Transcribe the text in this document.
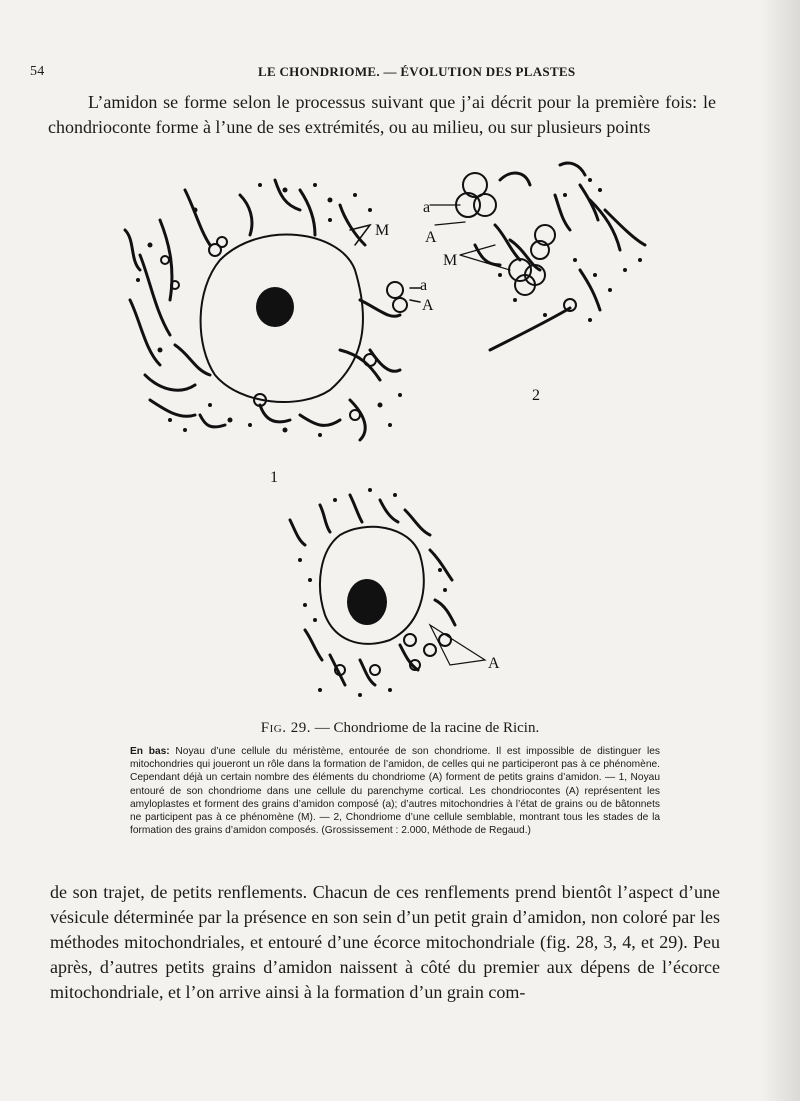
54	LE CHONDRIOME. — ÉVOLUTION DES PLASTES

L’amidon se forme selon le processus suivant que j’ai décrit pour la première fois: le chondrioconte forme à l’une de ses extrémités, ou au milieu, ou sur plusieurs points

M
a
A
1
a
A
M
2
A
Fig. 29. — Chondriome de la racine de Ricin.
En bas: Noyau d’une cellule du méristème, entourée de son chondriome. Il est impossible de distinguer les mitochondries qui joueront un rôle dans la formation de l’amidon, de celles qui ne participeront pas à ce phénomène. Cependant déjà un certain nombre des éléments du chondriome (A) forment de petits grains d’amidon. — 1, Noyau entouré de son chondriome dans une cellule du parenchyme cortical. Les chondriocontes (A) représentent les amyloplastes et forment des grains d’amidon composé (a); d’autres mitochondries à l’état de grains ou de bâtonnets ne participent pas à ce phénomène (M). — 2, Chondriome d’une cellule semblable, montrant tous les stades de la formation des grains d’amidon composés. (Grossissement : 2.000, Méthode de Regaud.)

de son trajet, de petits renflements. Chacun de ces renflements prend bientôt l’aspect d’une vésicule déterminée par la présence en son sein d’un petit grain d’amidon, non coloré par les méthodes mitochondriales, et entouré d’une écorce mitochondriale (fig. 28, 3, 4, et 29). Peu après, d’autres petits grains d’amidon naissent à côté du premier aux dépens de l’écorce mitochondriale, et l’on arrive ainsi à la formation d’un grain com-
